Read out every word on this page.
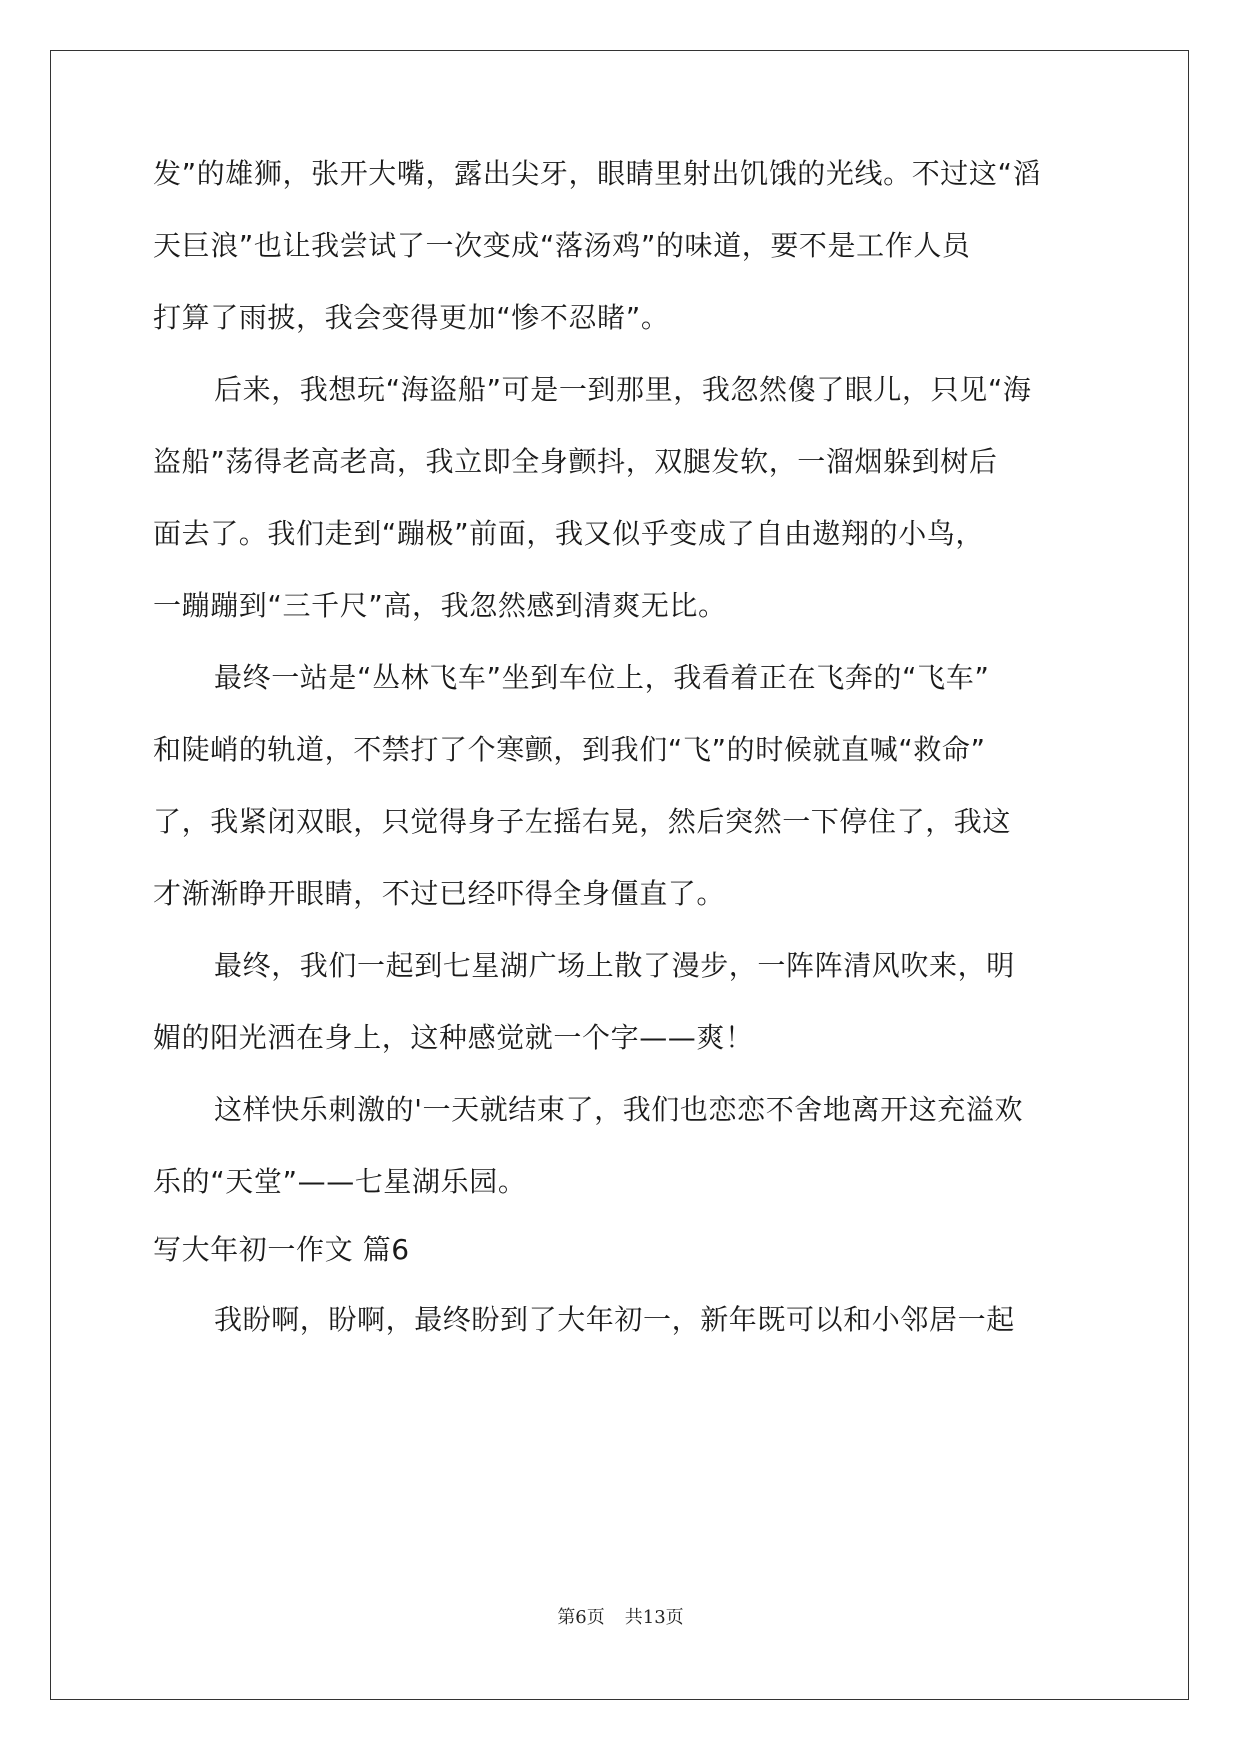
发”的雄狮，张开大嘴，露出尖牙，眼睛里射出饥饿的光线。不过这“滔
天巨浪”也让我尝试了一次变成“落汤鸡”的味道，要不是工作人员
打算了雨披，我会变得更加“惨不忍睹”。
后来，我想玩“海盗船”可是一到那里，我忽然傻了眼儿，只见“海
盗船”荡得老高老高，我立即全身颤抖，双腿发软，一溜烟躲到树后
面去了。我们走到“蹦极”前面，我又似乎变成了自由遨翔的小鸟，
一蹦蹦到“三千尺”高，我忽然感到清爽无比。
最终一站是“丛林飞车”坐到车位上，我看着正在飞奔的“飞车”
和陡峭的轨道，不禁打了个寒颤，到我们“飞”的时候就直喊“救命”
了，我紧闭双眼，只觉得身子左摇右晃，然后突然一下停住了，我这
才渐渐睁开眼睛，不过已经吓得全身僵直了。
最终，我们一起到七星湖广场上散了漫步，一阵阵清风吹来，明
媚的阳光洒在身上，这种感觉就一个字——爽！
这样快乐刺激的'一天就结束了，我们也恋恋不舍地离开这充溢欢
乐的“天堂”——七星湖乐园。
写大年初一作文 篇6
我盼啊，盼啊，最终盼到了大年初一，新年既可以和小邻居一起
第6页 共13页
